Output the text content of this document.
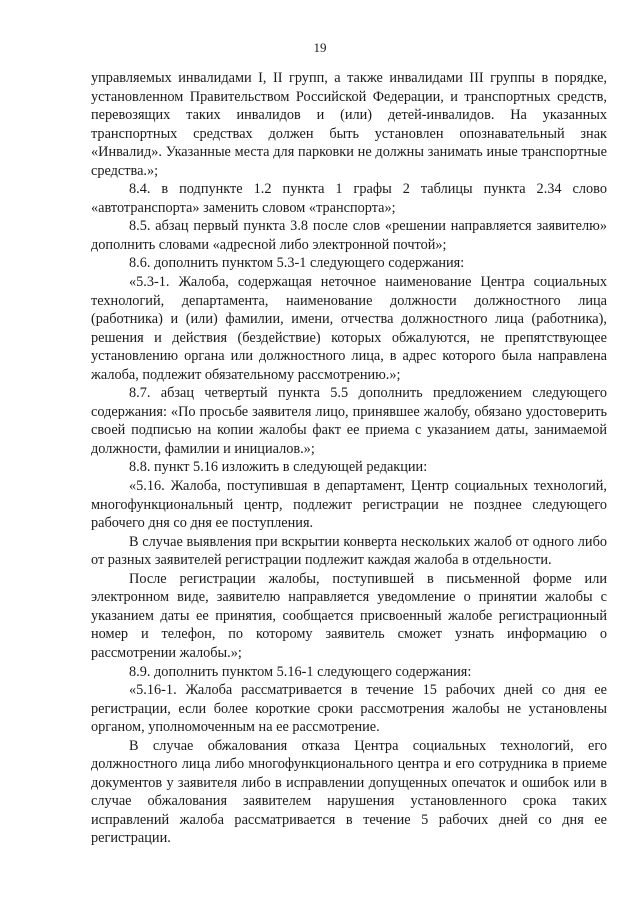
19

управляемых инвалидами I, II групп, а также инвалидами III группы в порядке, установленном Правительством Российской Федерации, и транспортных средств, перевозящих таких инвалидов и (или) детей-инвалидов. На указанных транспортных средствах должен быть установлен опознавательный знак «Инвалид». Указанные места для парковки не должны занимать иные транспортные средства.»;

8.4. в подпункте 1.2 пункта 1 графы 2 таблицы пункта 2.34 слово «автотранспорта» заменить словом «транспорта»;

8.5. абзац первый пункта 3.8 после слов «решении направляется заявителю» дополнить словами «адресной либо электронной почтой»;

8.6. дополнить пунктом 5.3-1 следующего содержания:

«5.3-1. Жалоба, содержащая неточное наименование Центра социальных технологий, департамента, наименование должности должностного лица (работника) и (или) фамилии, имени, отчества должностного лица (работника), решения и действия (бездействие) которых обжалуются, не препятствующее установлению органа или должностного лица, в адрес которого была направлена жалоба, подлежит обязательному рассмотрению.»;

8.7. абзац четвертый пункта 5.5 дополнить предложением следующего содержания: «По просьбе заявителя лицо, принявшее жалобу, обязано удостоверить своей подписью на копии жалобы факт ее приема с указанием даты, занимаемой должности, фамилии и инициалов.»;

8.8. пункт 5.16 изложить в следующей редакции:

«5.16. Жалоба, поступившая в департамент, Центр социальных технологий, многофункциональный центр, подлежит регистрации не позднее следующего рабочего дня со дня ее поступления.

В случае выявления при вскрытии конверта нескольких жалоб от одного либо от разных заявителей регистрации подлежит каждая жалоба в отдельности.

После регистрации жалобы, поступившей в письменной форме или электронном виде, заявителю направляется уведомление о принятии жалобы с указанием даты ее принятия, сообщается присвоенный жалобе регистрационный номер и телефон, по которому заявитель сможет узнать информацию о рассмотрении жалобы.»;

8.9. дополнить пунктом 5.16-1 следующего содержания:

«5.16-1. Жалоба рассматривается в течение 15 рабочих дней со дня ее регистрации, если более короткие сроки рассмотрения жалобы не установлены органом, уполномоченным на ее рассмотрение.

В случае обжалования отказа Центра социальных технологий, его должностного лица либо многофункционального центра и его сотрудника в приеме документов у заявителя либо в исправлении допущенных опечаток и ошибок или в случае обжалования заявителем нарушения установленного срока таких исправлений жалоба рассматривается в течение 5 рабочих дней со дня ее регистрации.
